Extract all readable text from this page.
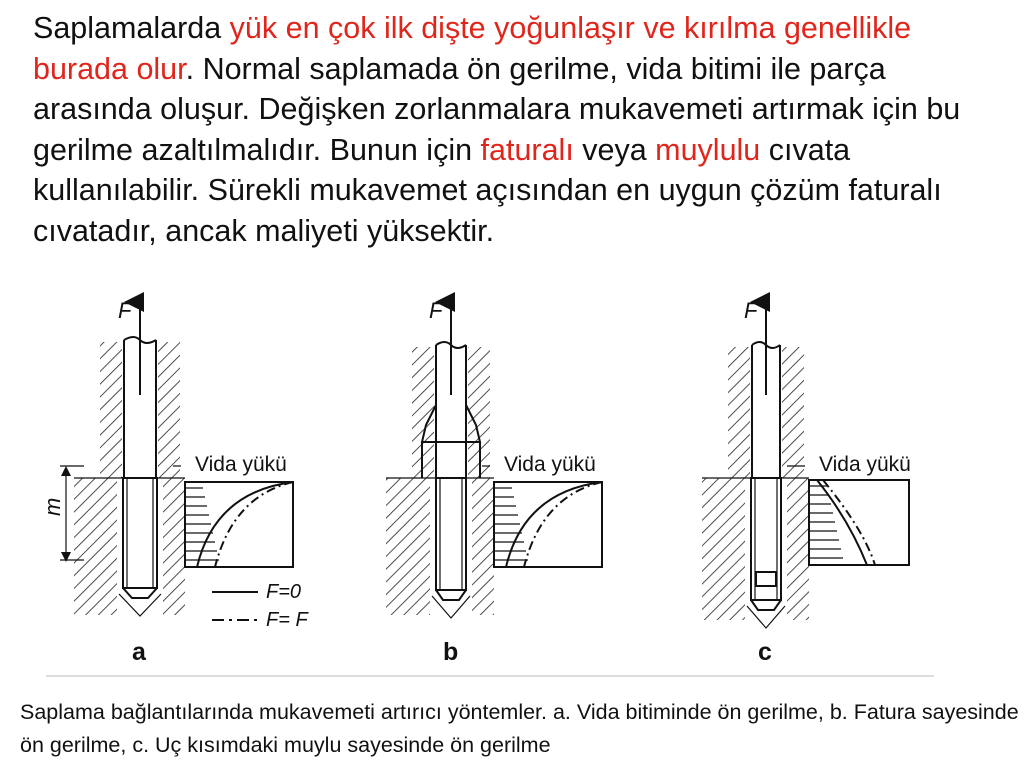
Saplamalarda yük en çok ilk dişte yoğunlaşır ve kırılma genellikle burada olur. Normal saplamada ön gerilme, vida bitimi ile parça arasında oluşur. Değişken zorlanmalara mukavemeti artırmak için bu gerilme azaltılmalıdır. Bunun için faturalı veya muylulu cıvata kullanılabilir. Sürekli mukavemet açısından en uygun çözüm faturalı cıvatadır, ancak maliyeti yüksektir.

F
Vida yükü
a
F
Vida yükü
b
F
Vida yükü
c
m
F=0
F= F

Saplama bağlantılarında mukavemeti artırıcı yöntemler. a. Vida bitiminde ön gerilme, b. Fatura sayesinde ön gerilme, c. Uç kısımdaki muylu sayesinde ön gerilme
